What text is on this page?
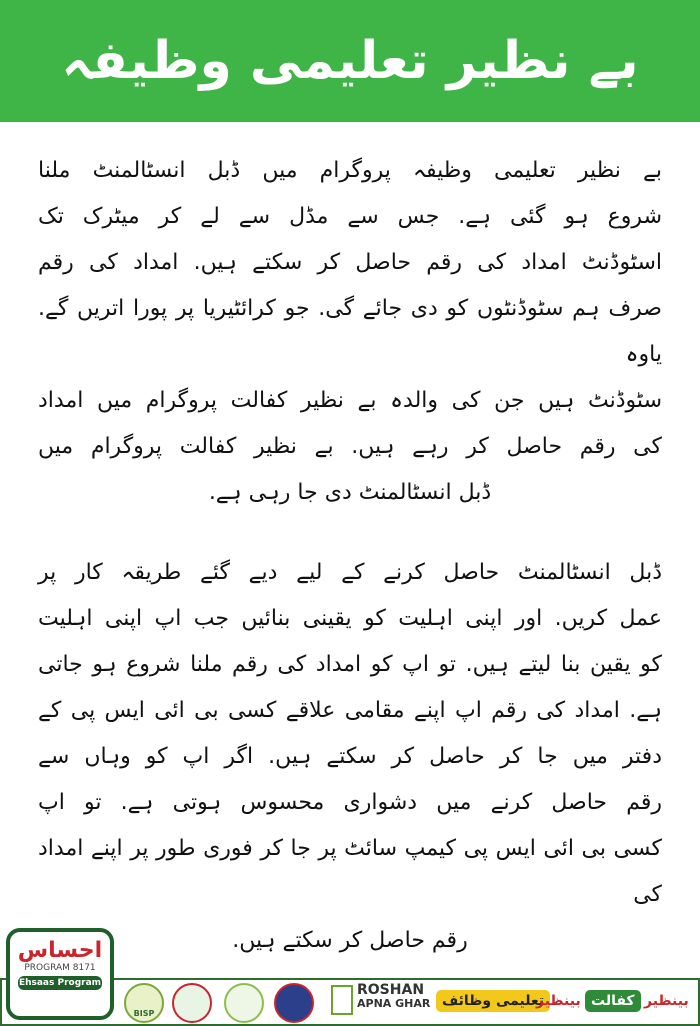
بے نظیر تعلیمی وظیفہ
بے نظیر تعلیمی وظیفہ پروگرام میں ڈبل انسٹالمنٹ ملنا
شروع ہو گئی ہے. جس سے مڈل سے لے کر میٹرک تک
اسٹوڈنٹ امداد کی رقم حاصل کر سکتے ہیں. امداد کی رقم
صرف ہم سٹوڈنٹوں کو دی جائے گی. جو کرائٹیریا پر پورا اتریں گے. یاوہ
سٹوڈنٹ ہیں جن کی والدہ بے نظیر کفالت پروگرام میں امداد
کی رقم حاصل کر رہے ہیں. بے نظیر کفالت پروگرام میں
ڈبل انسٹالمنٹ دی جا رہی ہے.
ڈبل انسٹالمنٹ حاصل کرنے کے لیے دیے گئے طریقہ کار پر
عمل کریں. اور اپنی اہلیت کو یقینی بنائیں جب اپ اپنی اہلیت
کو یقین بنا لیتے ہیں. تو اپ کو امداد کی رقم ملنا شروع ہو جاتی
ہے. امداد کی رقم اپ اپنے مقامی علاقے کسی بی ائی ایس پی کے
دفتر میں جا کر حاصل کر سکتے ہیں. اگر اپ کو وہاں سے
رقم حاصل کرنے میں دشواری محسوس ہوتی ہے. تو اپ
کسی بی ائی ایس پی کیمپ سائٹ پر جا کر فوری طور پر اپنے امداد کی
رقم حاصل کر سکتے ہیں.
احساس
PROGRAM 8171
Ehsaas Program
BISP
ROSHAN
APNA GHAR تعلیمی وظائف
بینظیر کفالت بینظیر
